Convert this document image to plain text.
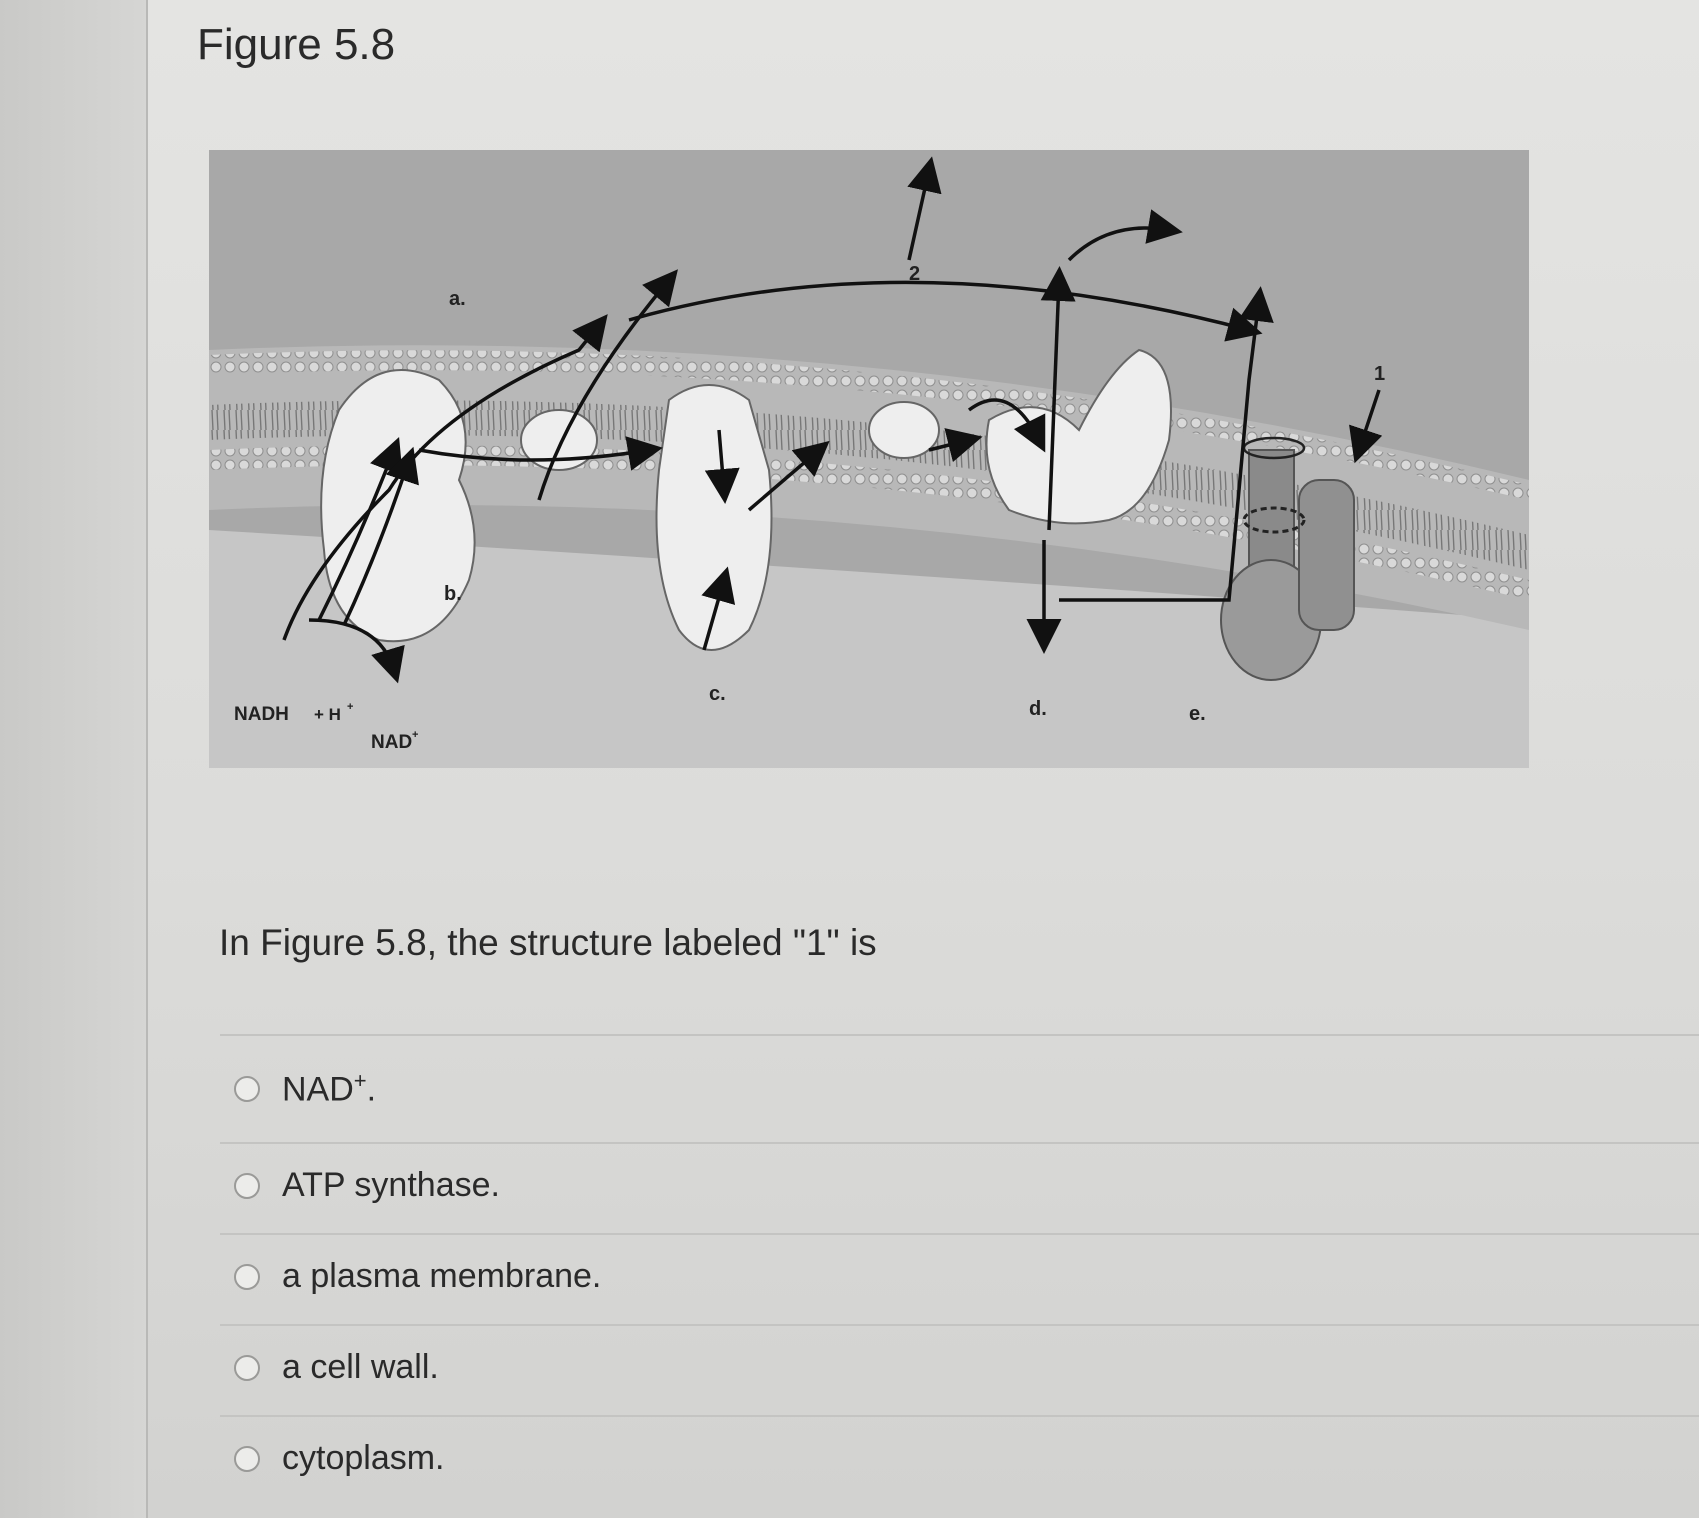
Figure 5.8
a.
b.
c.
d.	e.
1
2
NADH + H +
NAD +
In Figure 5.8, the structure labeled "1" is
NAD+.
ATP synthase.
a plasma membrane.
a cell wall.
cytoplasm.
